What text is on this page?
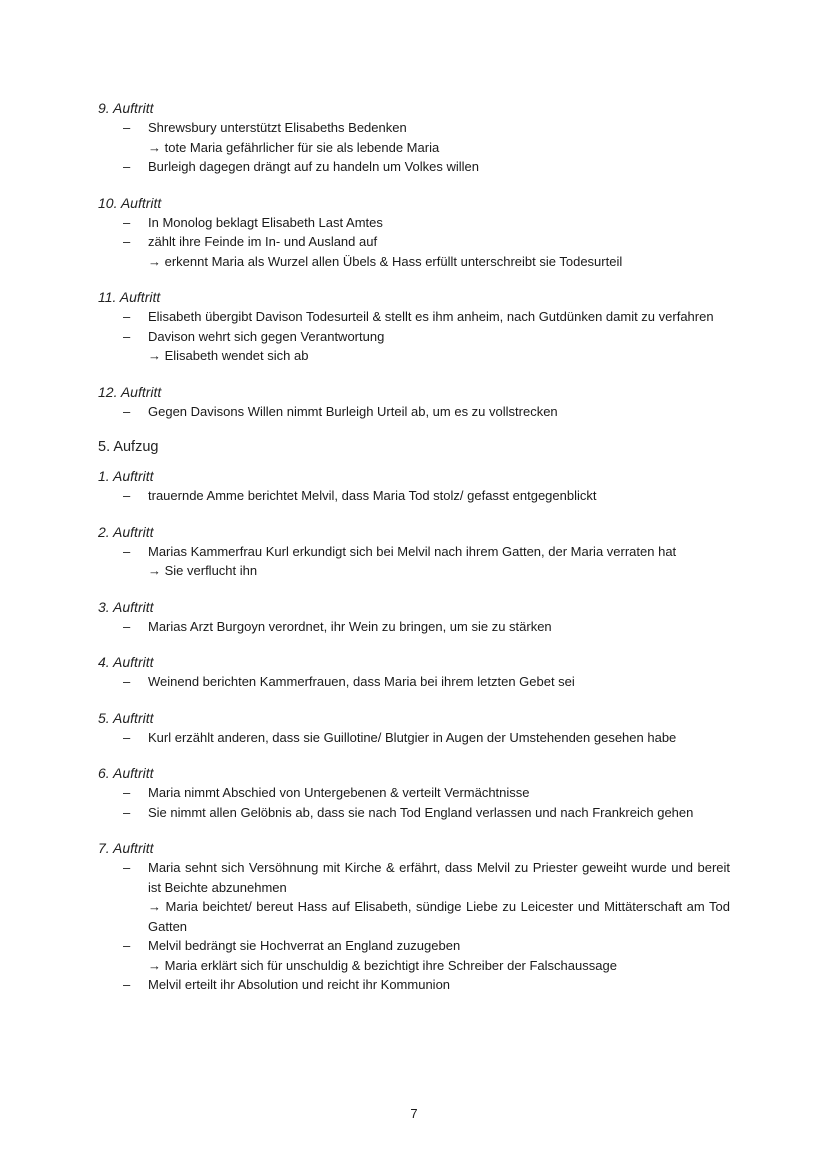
9. Auftritt
– Shrewsbury unterstützt Elisabeths Bedenken
→ tote Maria gefährlicher für sie als lebende Maria
– Burleigh dagegen drängt auf zu handeln um Volkes willen
10. Auftritt
– In Monolog beklagt Elisabeth Last Amtes
– zählt ihre Feinde im In- und Ausland auf
→ erkennt Maria als Wurzel allen Übels & Hass erfüllt unterschreibt sie Todesurteil
11. Auftritt
– Elisabeth übergibt Davison Todesurteil & stellt es ihm anheim, nach Gutdünken damit zu verfahren
– Davison wehrt sich gegen Verantwortung
→ Elisabeth wendet sich ab
12. Auftritt
– Gegen Davisons Willen nimmt Burleigh Urteil ab, um es zu vollstrecken
5. Aufzug
1. Auftritt
– trauernde Amme berichtet Melvil, dass Maria Tod stolz/ gefasst entgegenblickt
2. Auftritt
– Marias Kammerfrau Kurl erkundigt sich bei Melvil nach ihrem Gatten, der Maria verraten hat
→ Sie verflucht ihn
3. Auftritt
– Marias Arzt Burgoyn verordnet, ihr Wein zu bringen, um sie zu stärken
4. Auftritt
– Weinend berichten Kammerfrauen, dass Maria bei ihrem letzten Gebet sei
5. Auftritt
– Kurl erzählt anderen, dass sie Guillotine/ Blutgier in Augen der Umstehenden gesehen habe
6. Auftritt
– Maria nimmt Abschied von Untergebenen & verteilt Vermächtnisse
– Sie nimmt allen Gelöbnis ab, dass sie nach Tod England verlassen und nach Frankreich gehen
7. Auftritt
– Maria sehnt sich Versöhnung mit Kirche & erfährt, dass Melvil zu Priester geweiht wurde und bereit ist Beichte abzunehmen
→ Maria beichtet/ bereut Hass auf Elisabeth, sündige Liebe zu Leicester und Mittäterschaft am Tod Gatten
– Melvil bedrängt sie Hochverrat an England zuzugeben
→ Maria erklärt sich für unschuldig & bezichtigt ihre Schreiber der Falschaussage
– Melvil erteilt ihr Absolution und reicht ihr Kommunion
7
